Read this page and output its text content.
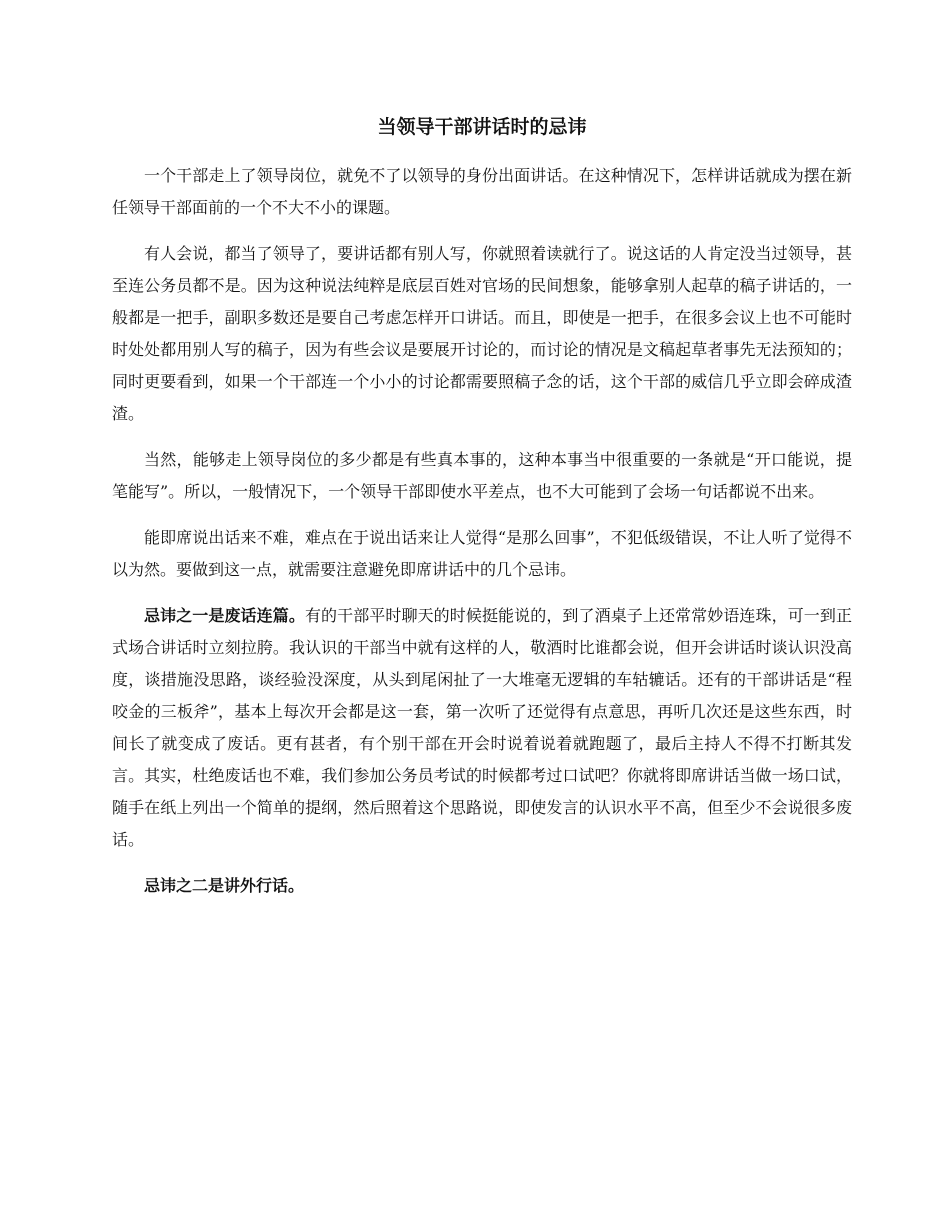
当领导干部讲话时的忌讳

一个干部走上了领导岗位，就免不了以领导的身份出面讲话。在这种情况下，怎样讲话就成为摆在新任领导干部面前的一个不大不小的课题。

有人会说，都当了领导了，要讲话都有别人写，你就照着读就行了。说这话的人肯定没当过领导，甚至连公务员都不是。因为这种说法纯粹是底层百姓对官场的民间想象，能够拿别人起草的稿子讲话的，一般都是一把手，副职多数还是要自己考虑怎样开口讲话。而且，即使是一把手，在很多会议上也不可能时时处处都用别人写的稿子，因为有些会议是要展开讨论的，而讨论的情况是文稿起草者事先无法预知的；同时更要看到，如果一个干部连一个小小的讨论都需要照稿子念的话，这个干部的威信几乎立即会碎成渣渣。

当然，能够走上领导岗位的多少都是有些真本事的，这种本事当中很重要的一条就是“开口能说，提笔能写”。所以，一般情况下，一个领导干部即使水平差点，也不大可能到了会场一句话都说不出来。

能即席说出话来不难，难点在于说出话来让人觉得“是那么回事”，不犯低级错误，不让人听了觉得不以为然。要做到这一点，就需要注意避免即席讲话中的几个忌讳。

忌讳之一是废话连篇。有的干部平时聊天的时候挺能说的，到了酒桌子上还常常妙语连珠，可一到正式场合讲话时立刻拉胯。我认识的干部当中就有这样的人，敬酒时比谁都会说，但开会讲话时谈认识没高度，谈措施没思路，谈经验没深度，从头到尾闲扯了一大堆毫无逻辑的车轱辘话。还有的干部讲话是“程咬金的三板斧”，基本上每次开会都是这一套，第一次听了还觉得有点意思，再听几次还是这些东西，时间长了就变成了废话。更有甚者，有个别干部在开会时说着说着就跑题了，最后主持人不得不打断其发言。其实，杜绝废话也不难，我们参加公务员考试的时候都考过口试吧？你就将即席讲话当做一场口试，随手在纸上列出一个简单的提纲，然后照着这个思路说，即使发言的认识水平不高，但至少不会说很多废话。

忌讳之二是讲外行话。
